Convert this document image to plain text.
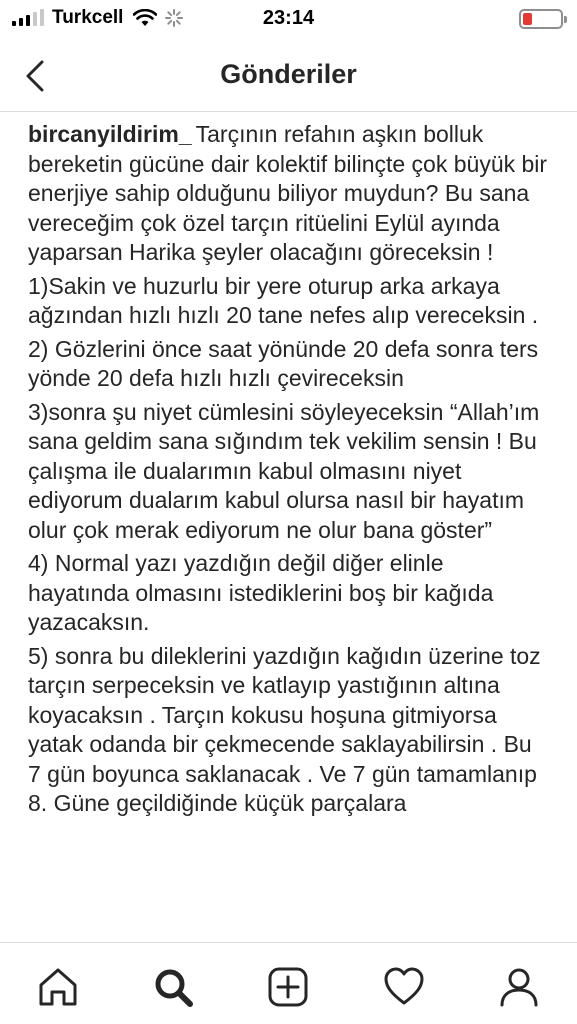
Turkcell	23:14
Gönderiler

bircanyildirim_ Tarçının refahın aşkın bolluk bereketin gücüne dair kolektif bilinçte çok büyük bir enerjiye sahip olduğunu biliyor muydun? Bu sana vereceğim çok özel tarçın ritüelini Eylül ayında yaparsan Harika şeyler olacağını göreceksin !

1)Sakin ve huzurlu bir yere oturup arka arkaya ağzından hızlı hızlı 20 tane nefes alıp vereceksin .

2) Gözlerini önce saat yönünde 20 defa sonra ters yönde 20 defa hızlı hızlı çevireceksin

3)sonra şu niyet cümlesini söyleyeceksin “Allah’ım sana geldim sana sığındım tek vekilim sensin ! Bu çalışma ile dualarımın kabul olmasını niyet ediyorum dualarım kabul olursa nasıl bir hayatım olur çok merak ediyorum ne olur bana göster”

4) Normal yazı yazdığın değil diğer elinle hayatında olmasını istediklerini boş bir kağıda yazacaksın.

5) sonra bu dileklerini yazdığın kağıdın üzerine toz tarçın serpeceksin ve katlayıp yastığının altına koyacaksın . Tarçın kokusu hoşuna gitmiyorsa yatak odanda bir çekmecende saklayabilirsin . Bu 7 gün boyunca saklanacak . Ve 7 gün tamamlanıp 8. Güne geçildiğinde küçük parçalara
